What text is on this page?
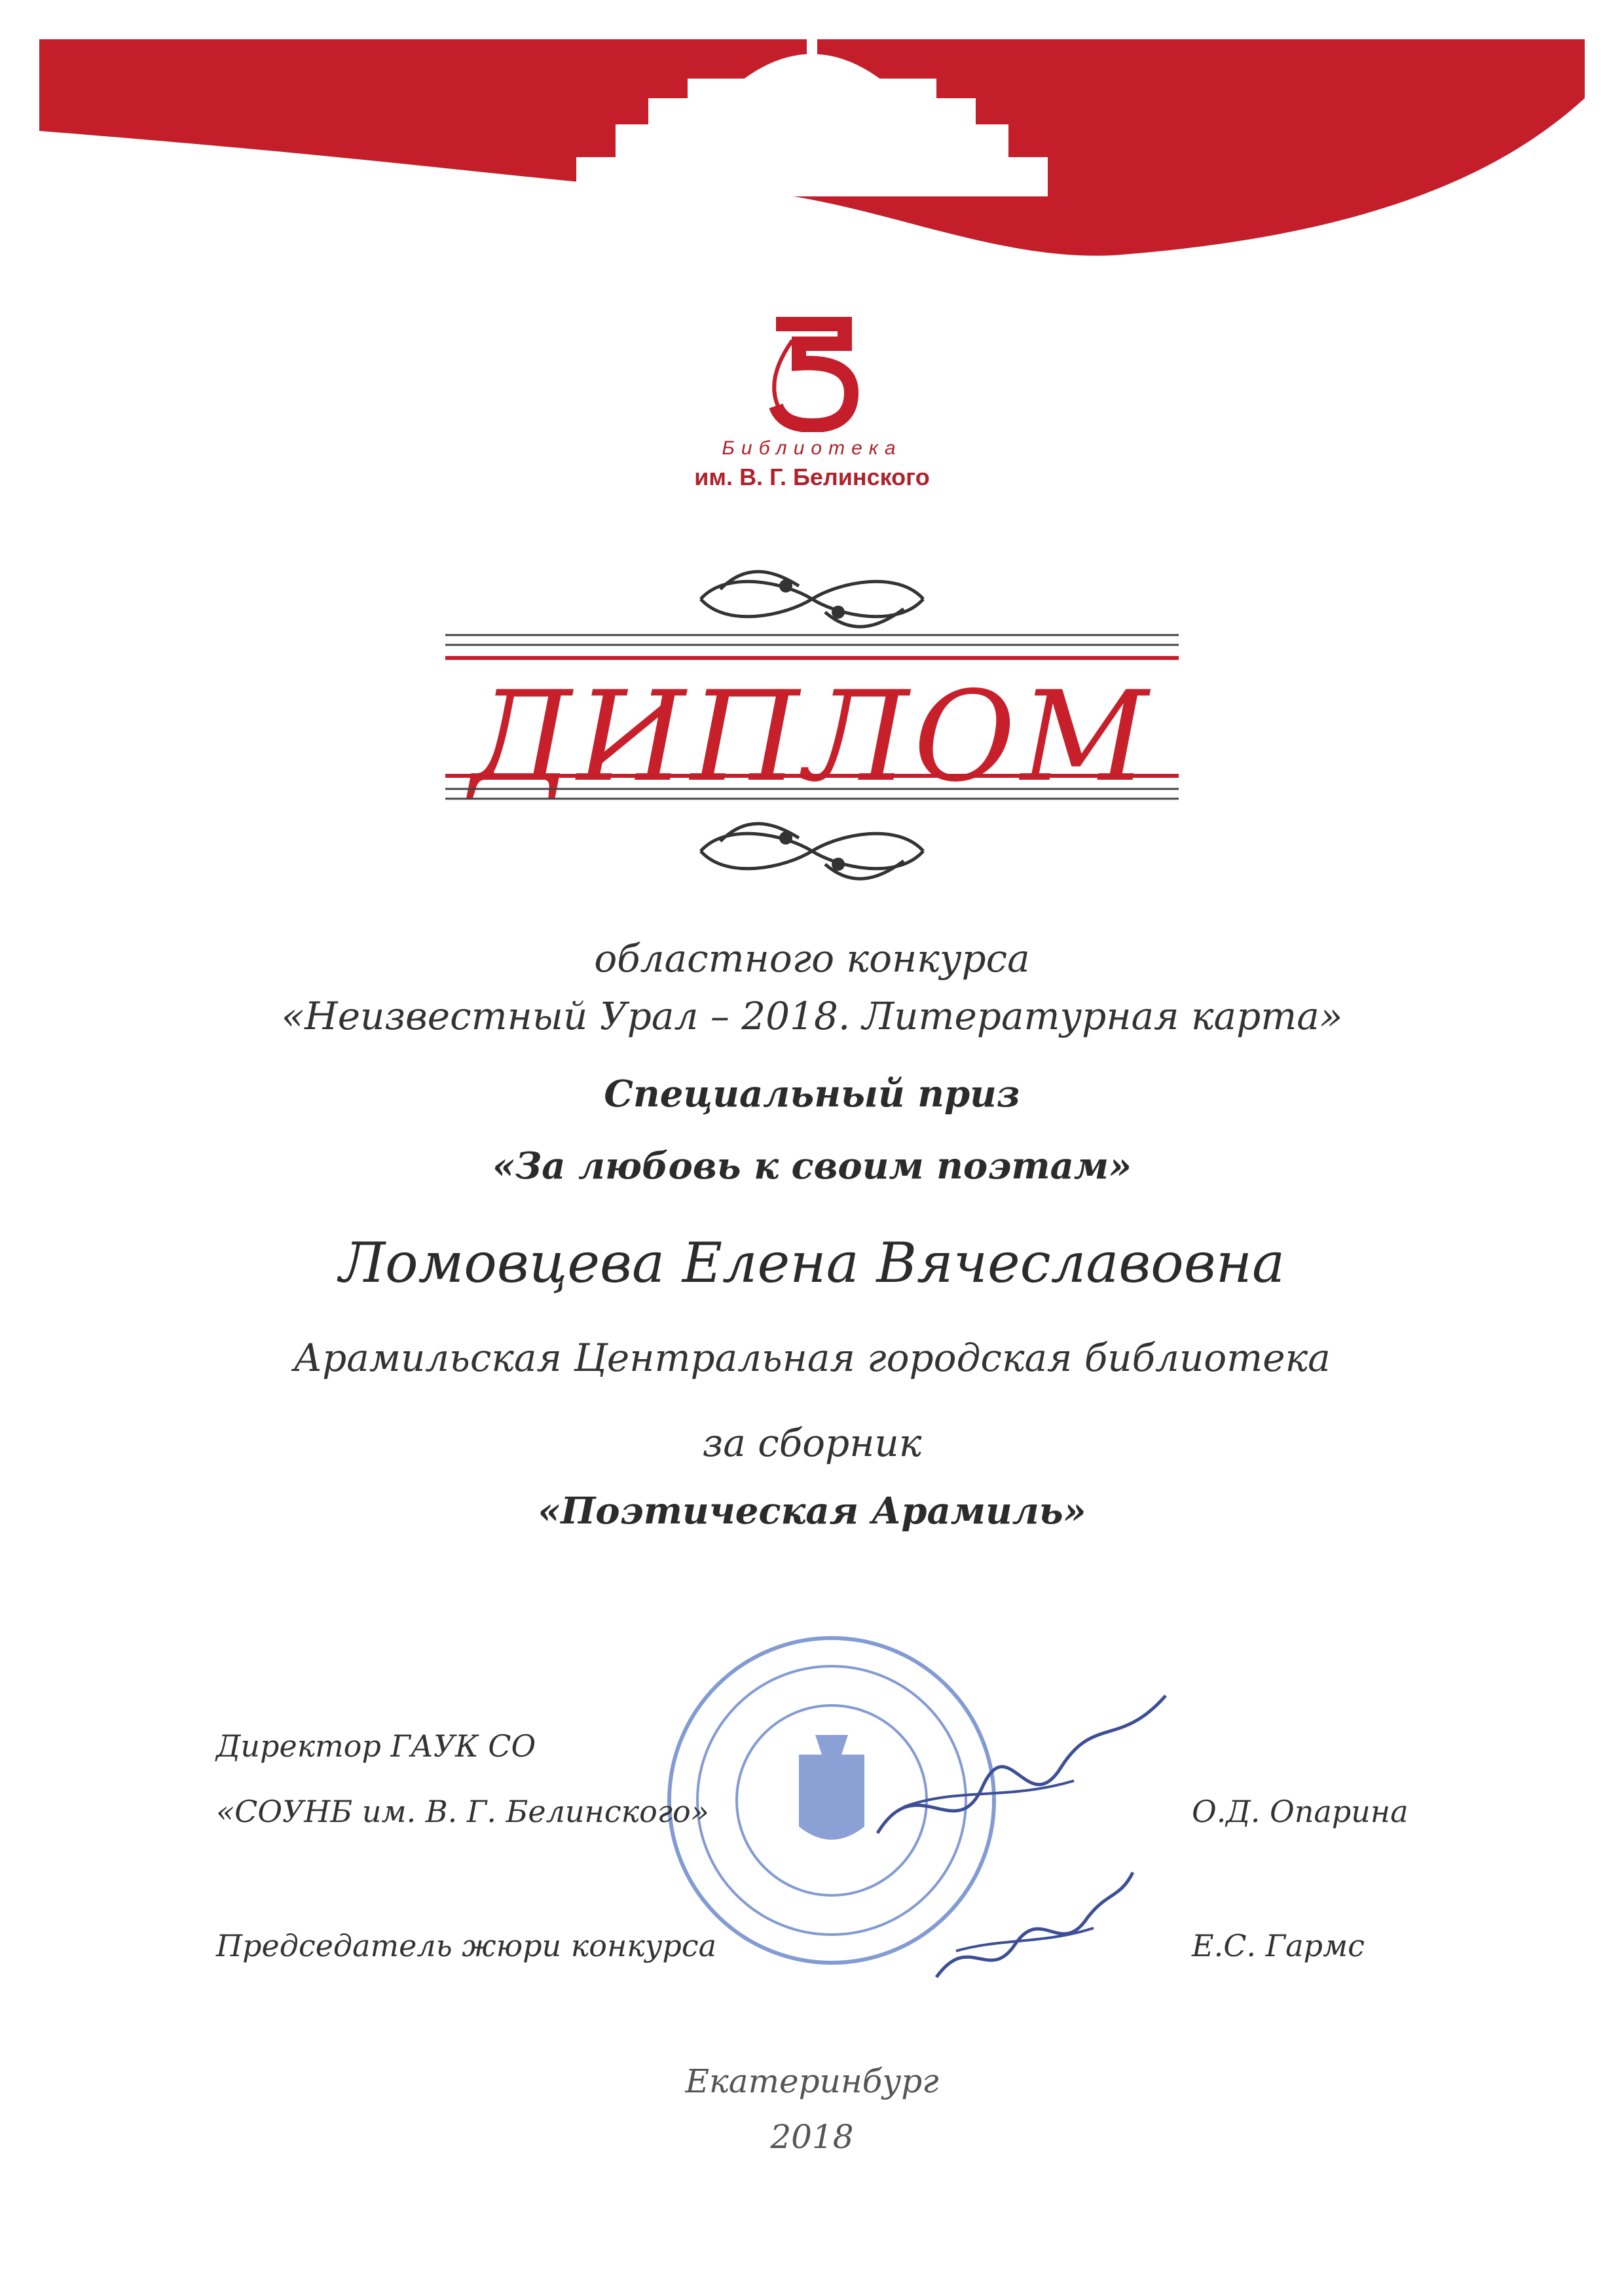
Библиотека
им. В. Г. Белинского
ДИПЛОМ
областного конкурса
«Неизвестный Урал – 2018. Литературная карта»
Специальный приз
«За любовь к своим поэтам»
Ломовцева Елена Вячеславовна
Арамильская Центральная городская библиотека
за сборник
«Поэтическая Арамиль»
Директор ГАУК СО
«СОУНБ им. В. Г. Белинского»	О.Д. Опарина
Председатель жюри конкурса	Е.С. Гармс
Екатеринбург
2018
